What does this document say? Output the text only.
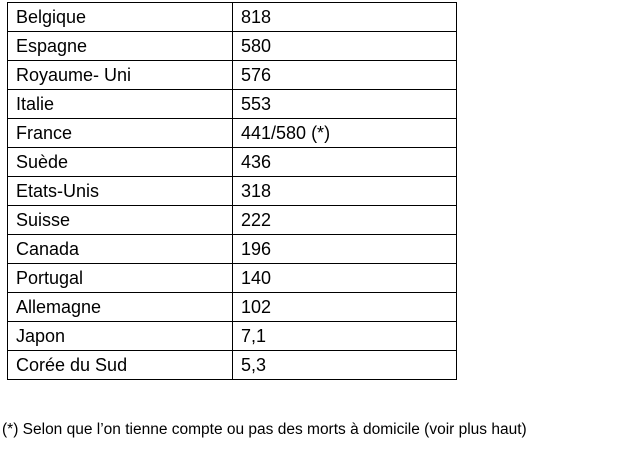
Belgique	818
Espagne	580
Royaume- Uni	576
Italie	553
France	441/580 (*)
Suède	436
Etats-Unis	318
Suisse	222
Canada	196
Portugal	140
Allemagne	102
Japon	7,1
Corée du Sud	5,3
(*) Selon que l’on tienne compte ou pas des morts à domicile (voir plus haut)
